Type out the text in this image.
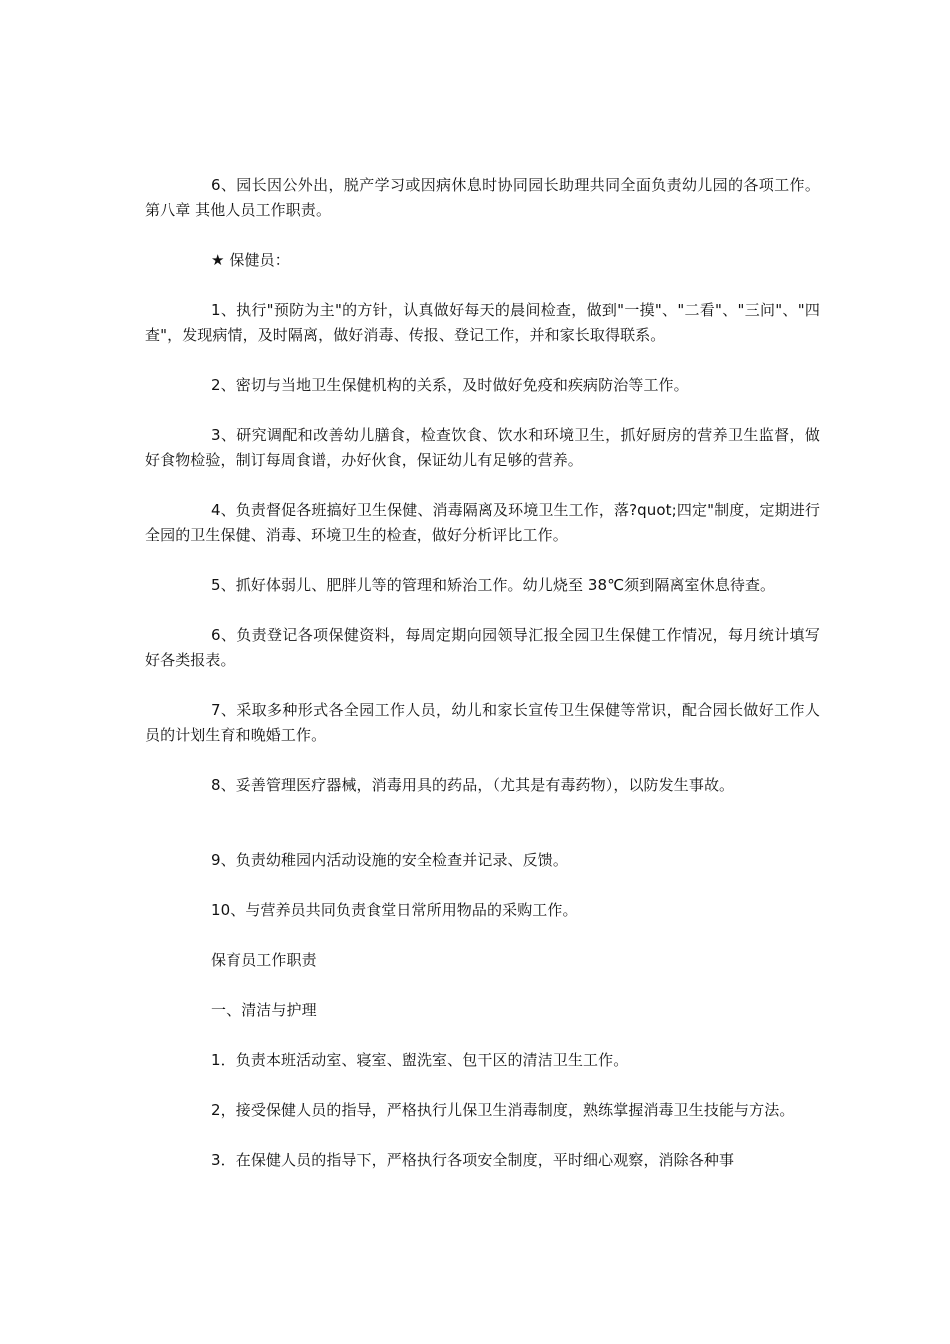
6、园长因公外出，脱产学习或因病休息时协同园长助理共同全面负责幼儿园的各项工作。 第八章 其他人员工作职责。

★ 保健员：

1、执行"预防为主"的方针，认真做好每天的晨间检查，做到"一摸"、"二看"、"三问"、"四查"，发现病情，及时隔离，做好消毒、传报、登记工作，并和家长取得联系。

2、密切与当地卫生保健机构的关系，及时做好免疫和疾病防治等工作。

3、研究调配和改善幼儿膳食，检查饮食、饮水和环境卫生，抓好厨房的营养卫生监督，做好食物检验，制订每周食谱，办好伙食，保证幼儿有足够的营养。

4、负责督促各班搞好卫生保健、消毒隔离及环境卫生工作，落?quot;四定"制度，定期进行全园的卫生保健、消毒、环境卫生的检查，做好分析评比工作。

5、抓好体弱儿、肥胖儿等的管理和矫治工作。幼儿烧至 38℃须到隔离室休息待查。

6、负责登记各项保健资料，每周定期向园领导汇报全园卫生保健工作情况，每月统计填写好各类报表。

7、采取多种形式各全园工作人员，幼儿和家长宣传卫生保健等常识，配合园长做好工作人员的计划生育和晚婚工作。

8、妥善管理医疗器械，消毒用具的药品，（尤其是有毒药物），以防发生事故。

9、负责幼稚园内活动设施的安全检查并记录、反馈。

10、与营养员共同负责食堂日常所用物品的采购工作。

保育员工作职责

一、清洁与护理

1．负责本班活动室、寝室、盥洗室、包干区的清洁卫生工作。

2，接受保健人员的指导，严格执行儿保卫生消毒制度，熟练掌握消毒卫生技能与方法。

3．在保健人员的指导下，严格执行各项安全制度，平时细心观察，消除各种事
